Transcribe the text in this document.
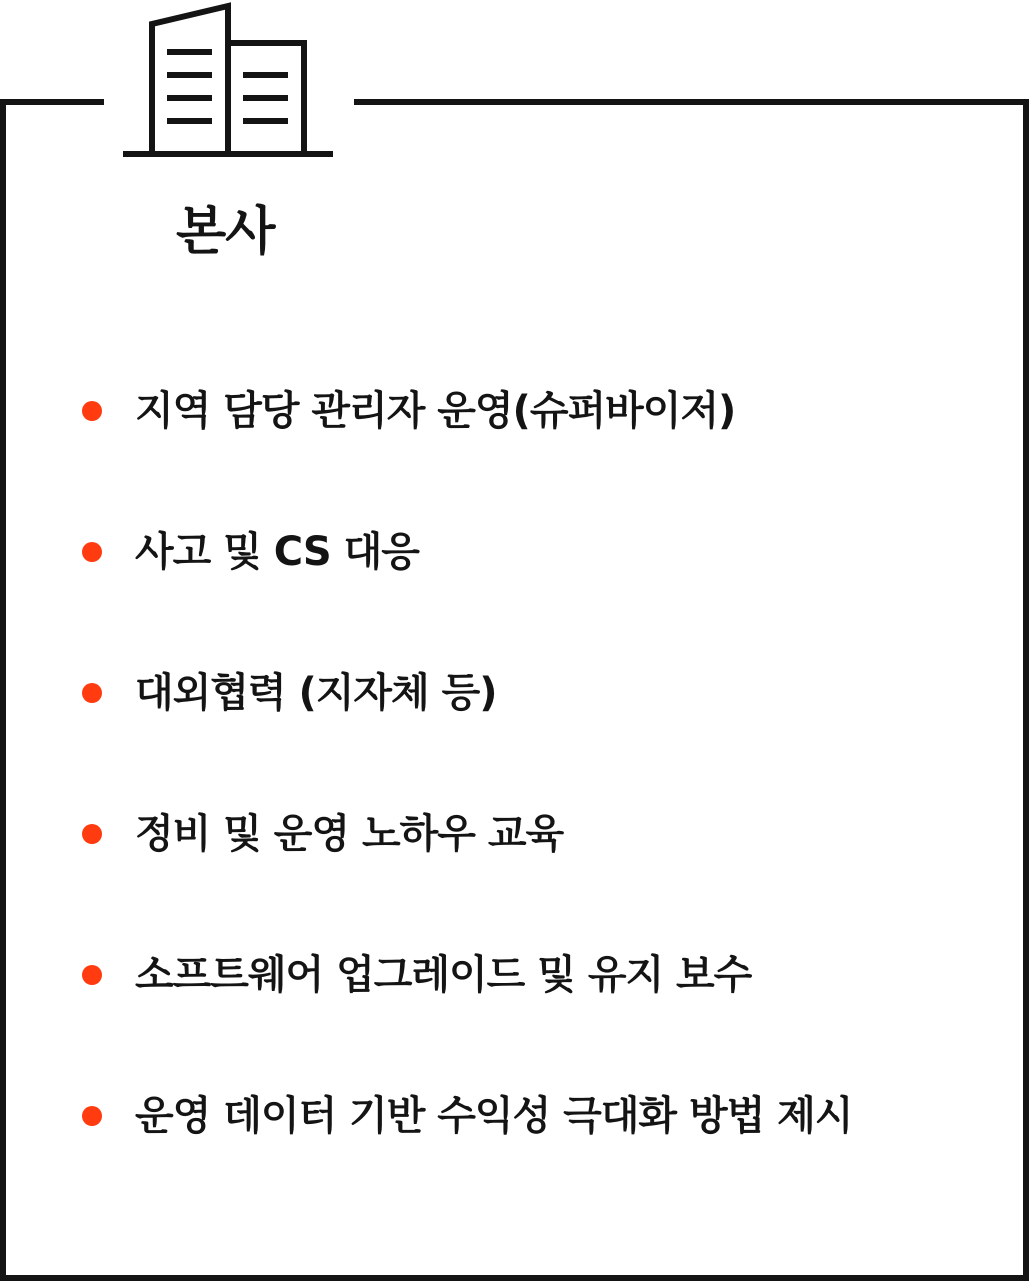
본사
지역 담당 관리자 운영(슈퍼바이저)
사고 및 CS 대응
대외협력 (지자체 등)
정비 및 운영 노하우 교육
소프트웨어 업그레이드 및 유지 보수
운영 데이터 기반 수익성 극대화 방법 제시
